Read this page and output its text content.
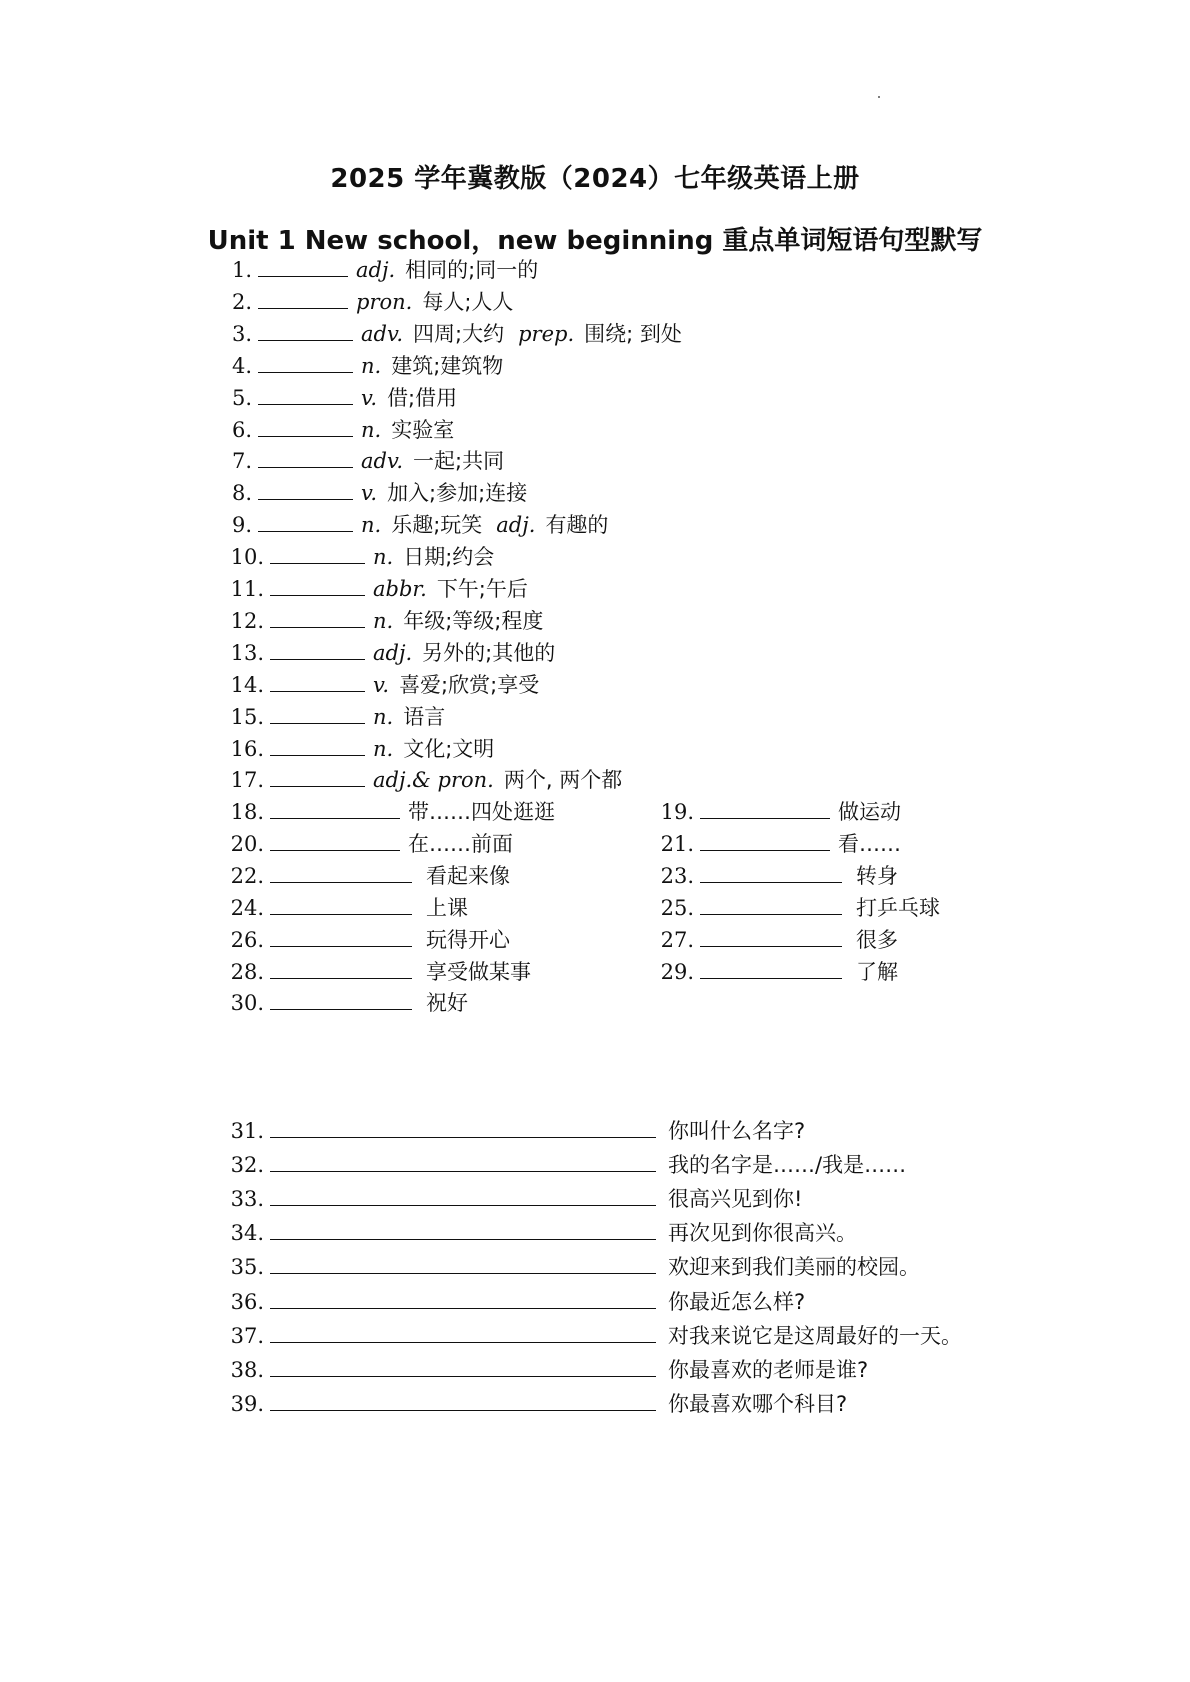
2025 学年冀教版（2024）七年级英语上册
Unit 1 New school，new beginning 重点单词短语句型默写
1.	adj. 相同的;同一的
2.	pron. 每人;人人
3.	adv. 四周;大约 prep. 围绕; 到处
4.	n. 建筑;建筑物
5.	v. 借;借用
6.	n. 实验室
7.	adv. 一起;共同
8.	v. 加入;参加;连接
9.	n. 乐趣;玩笑 adj. 有趣的
10.	n. 日期;约会
11.	abbr. 下午;午后
12.	n. 年级;等级;程度
13.	adj. 另外的;其他的
14.	v. 喜爱;欣赏;享受
15.	n. 语言
16.	n. 文化;文明
17.	adj.& pron. 两个, 两个都
18.	带……四处逛逛	19.	做运动
20.	在……前面	21.	看……
22.	看起来像	23.	转身
24.	上课	25.	打乒乓球
26.	玩得开心	27.	很多
28.	享受做某事	29.	了解
30.	祝好
31.	你叫什么名字?
32.	我的名字是……/我是……
33.	很高兴见到你!
34.	再次见到你很高兴。
35.	欢迎来到我们美丽的校园。
36.	你最近怎么样?
37.	对我来说它是这周最好的一天。
38.	你最喜欢的老师是谁?
39.	你最喜欢哪个科目?
